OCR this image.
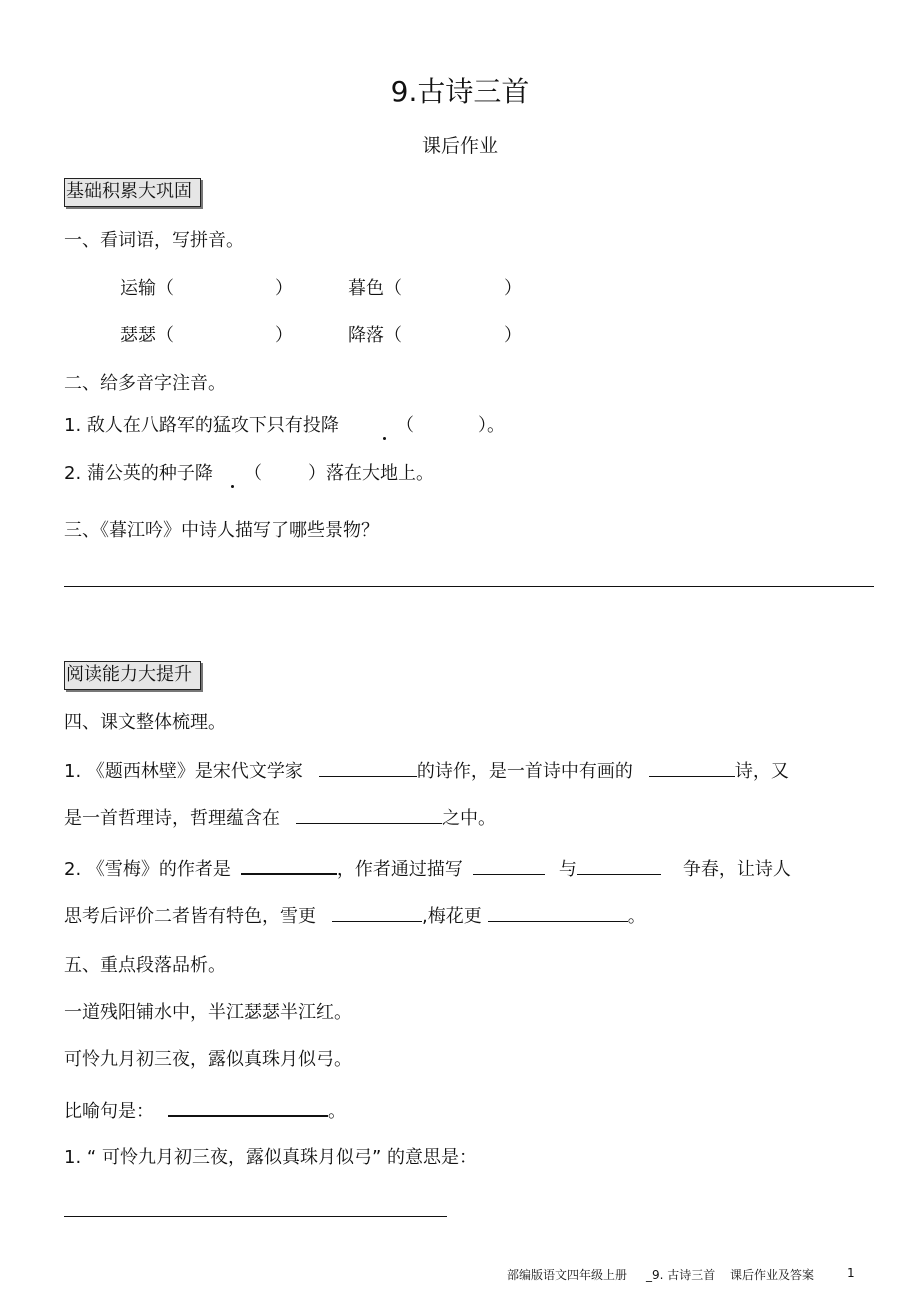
9.古诗三首
课后作业
基础积累大巩固
一、看词语，写拼音。
运输（	）	暮色（	）
瑟瑟（	）	降落（	）
二、给多音字注音。
1. 敌人在八路军的猛攻下只有投降	（	）。
2. 蒲公英的种子降 （	）落在大地上。
三、《暮江吟》中诗人描写了哪些景物？
阅读能力大提升
四、课文整体梳理。
1. 《题西林壁》是宋代文学家	的诗作，是一首诗中有画的	诗，又
是一首哲理诗，哲理蕴含在	之中。
2. 《雪梅》的作者是	，作者通过描写	与	争春，让诗人
思考后评价二者皆有特色，雪更	,梅花更	。
五、重点段落品析。
一道残阳铺水中，半江瑟瑟半江红。
可怜九月初三夜，露似真珠月似弓。
比喻句是：	。
1. “ 可怜九月初三夜，露似真珠月似弓” 的意思是：
部编版语文四年级上册 _9. 古诗三首 课后作业及答案	1
